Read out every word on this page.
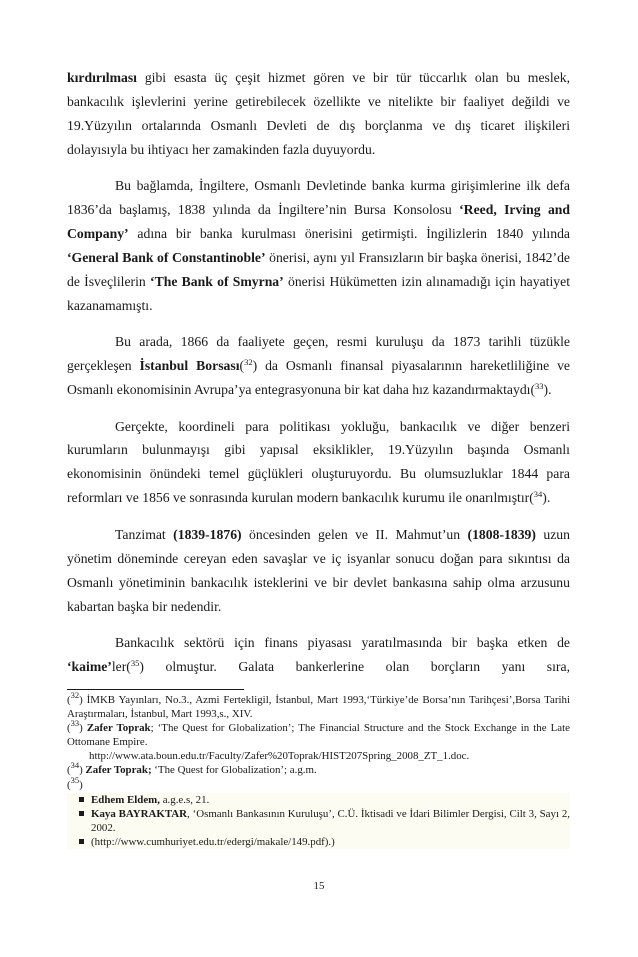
kırdırılması gibi esasta üç çeşit hizmet gören ve bir tür tüccarlık olan bu meslek, bankacılık işlevlerini yerine getirebilecek özellikte ve nitelikte bir faaliyet değildi ve 19.Yüzyılın ortalarında Osmanlı Devleti de dış borçlanma ve dış ticaret ilişkileri dolayısıyla bu ihtiyacı her zamakinden fazla duyuyordu.

Bu bağlamda, İngiltere, Osmanlı Devletinde banka kurma girişimlerine ilk defa 1836’da başlamış, 1838 yılında da İngiltere’nin Bursa Konsolosu ‘Reed, Irving and Company’ adına bir banka kurulması önerisini getirmişti. İngilizlerin 1840 yılında ‘General Bank of Constantinoble’ önerisi, aynı yıl Fransızların bir başka önerisi, 1842’de de İsveçlilerin ‘The Bank of Smyrna’ önerisi Hükümetten izin alınamadığı için hayatiyet kazanamamıştı.

Bu arada, 1866 da faaliyete geçen, resmi kuruluşu da 1873 tarihli tüzükle gerçekleşen İstanbul Borsası($^{32}$) da Osmanlı finansal piyasalarının hareketliliğine ve Osmanlı ekonomisinin Avrupa’ya entegrasyonuna bir kat daha hız kazandırmaktaydı($^{33}$).

Gerçekte, koordineli para politikası yokluğu, bankacılık ve diğer benzeri kurumların bulunmayışı gibi yapısal eksiklikler, 19.Yüzyılın başında Osmanlı ekonomisinin önündeki temel güçlükleri oluşturuyordu. Bu olumsuzluklar 1844 para reformları ve 1856 ve sonrasında kurulan modern bankacılık kurumu ile onarılmıştır($^{34}$).

Tanzimat (1839-1876) öncesinden gelen ve II. Mahmut’un (1808-1839) uzun yönetim döneminde cereyan eden savaşlar ve iç isyanlar sonucu doğan para sıkıntısı da Osmanlı yönetiminin bankacılık isteklerini ve bir devlet bankasına sahip olma arzusunu kabartan başka bir nedendir.

Bankacılık sektörü için finans piyasası yaratılmasında bir başka etken de ‘kaime’ler($^{35}$) olmuştur. Galata bankerlerine olan borçların yanı sıra,

($^{32}$) İMKB Yayınları, No.3., Azmi Fertekligil, İstanbul, Mart 1993,‘Türkiye’de Borsa’nın Tarihçesi’,Borsa Tarihi Araştırmaları, İstanbul, Mart 1993,s., XIV.

($^{33}$) Zafer Toprak; ‘The Quest for Globalization’; The Financial Structure and the Stock Exchange in the Late Ottomane Empire.
http://www.ata.boun.edu.tr/Faculty/Zafer%20Toprak/HIST207Spring_2008_ZT_1.doc.

($^{34}$) Zafer Toprak; ‘The Quest for Globalization’; a.g.m.

($^{35}$)

Edhem Eldem, a.g.e.s, 21.
Kaya BAYRAKTAR, ‘Osmanlı Bankasının Kuruluşu’, C.Ü. İktisadi ve İdari Bilimler Dergisi, Cilt 3, Sayı 2, 2002.
(http://www.cumhuriyet.edu.tr/edergi/makale/149.pdf).)
15
